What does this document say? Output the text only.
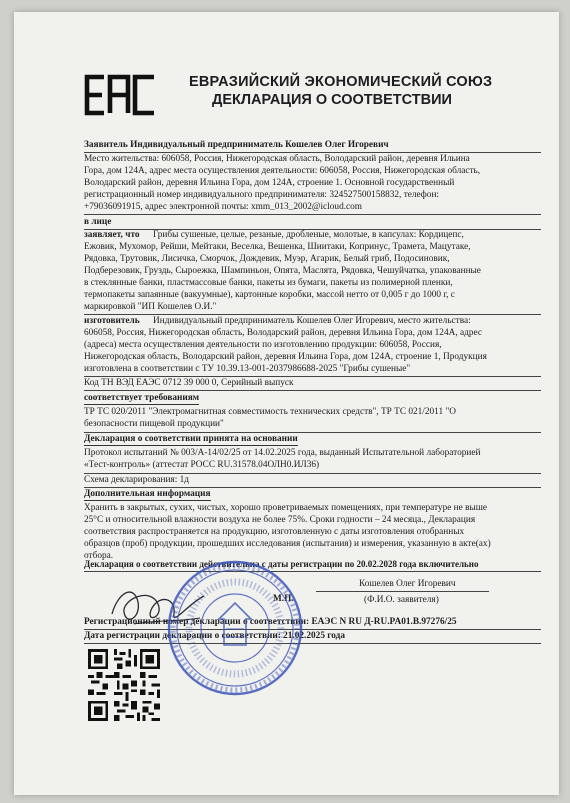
ЕВРАЗИЙСКИЙ ЭКОНОМИЧЕСКИЙ СОЮЗ
ДЕКЛАРАЦИЯ О СООТВЕТСТВИИ
Заявитель Индивидуальный предприниматель Кошелев Олег Игоревич
Место жительства: 606058, Россия, Нижегородская область, Володарский район, деревня Ильина
Гора, дом 124А, адрес места осуществления деятельности: 606058, Россия, Нижегородская область,
Володарский район, деревня Ильина Гора, дом 124А, строение 1. Основной государственный
регистрационный номер индивидуального предпринимателя: 324527500158832, телефон:
+79036091915, адрес электронной почты: xmm_013_2002@icloud.com
в лице
заявляет, что Грибы сушеные, целые, резаные, дробленые, молотые, в капсулах: Кордицепс,
Ежовик, Мухомор, Рейши, Мейтаки, Веселка, Вешенка, Шиитаки, Копринус, Траметa, Мацутаке,
Рядовка, Трутовик, Лисичка, Сморчок, Дождевик, Муэр, Агарик, Белый гриб, Подосиновик,
Подберезовик, Груздь, Сыроежка, Шампиньон, Опята, Маслята, Рядовка, Чешуйчатка, упакованные
в стеклянные банки, пластмассовые банки, пакеты из бумаги, пакеты из полимерной пленки,
термопакеты запаянные (вакуумные), картонные коробки, массой нетто от 0,005 г до 1000 г, с
маркировкой "ИП Кошелев О.И."
изготовитель Индивидуальный предприниматель Кошелев Олег Игоревич, место жительства:
606058, Россия, Нижегородская область, Володарский район, деревня Ильина Гора, дом 124А, адрес
(адреса) места осуществления деятельности по изготовлению продукции: 606058, Россия,
Нижегородская область, Володарский район, деревня Ильина Гора, дом 124А, строение 1, Продукция
изготовлена в соответствии с ТУ 10.39.13-001-2037986688-2025 "Грибы сушеные"
Код ТН ВЭД ЕАЭС 0712 39 000 0, Серийный выпуск
соответствует требованиям
ТР ТС 020/2011 "Электромагнитная совместимость технических средств", ТР ТС 021/2011 "О
безопасности пищевой продукции"
Декларация о соответствии принята на основании
Протокол испытаний № 003/А-14/02/25 от 14.02.2025 года, выданный Испытательной лабораторией
«Тест-контроль» (аттестат РОСС RU.31578.04ОЛН0.ИЛ36)
Схема декларирования: 1д
Дополнительная информация
Хранить в закрытых, сухих, чистых, хорошо проветриваемых помещениях, при температуре не выше
25°С и относительной влажности воздуха не более 75%. Сроки годности – 24 месяца., Декларация
соответствия распространяется на продукцию, изготовленную с даты изготовления отобранных
образцов (проб) продукции, прошедших исследования (испытания) и измерения, указанную в акте(ах)
отбора.
Декларация о соответствии действительна с даты регистрации по 20.02.2028 года включительно
М.П.
Кошелев Олег Игоревич
(Ф.И.О. заявителя)
Регистрационный номер декларации о соответствии: ЕАЭС N RU Д-RU.PA01.B.97276/25
Дата регистрации декларации о соответствии: 21.02.2025 года
